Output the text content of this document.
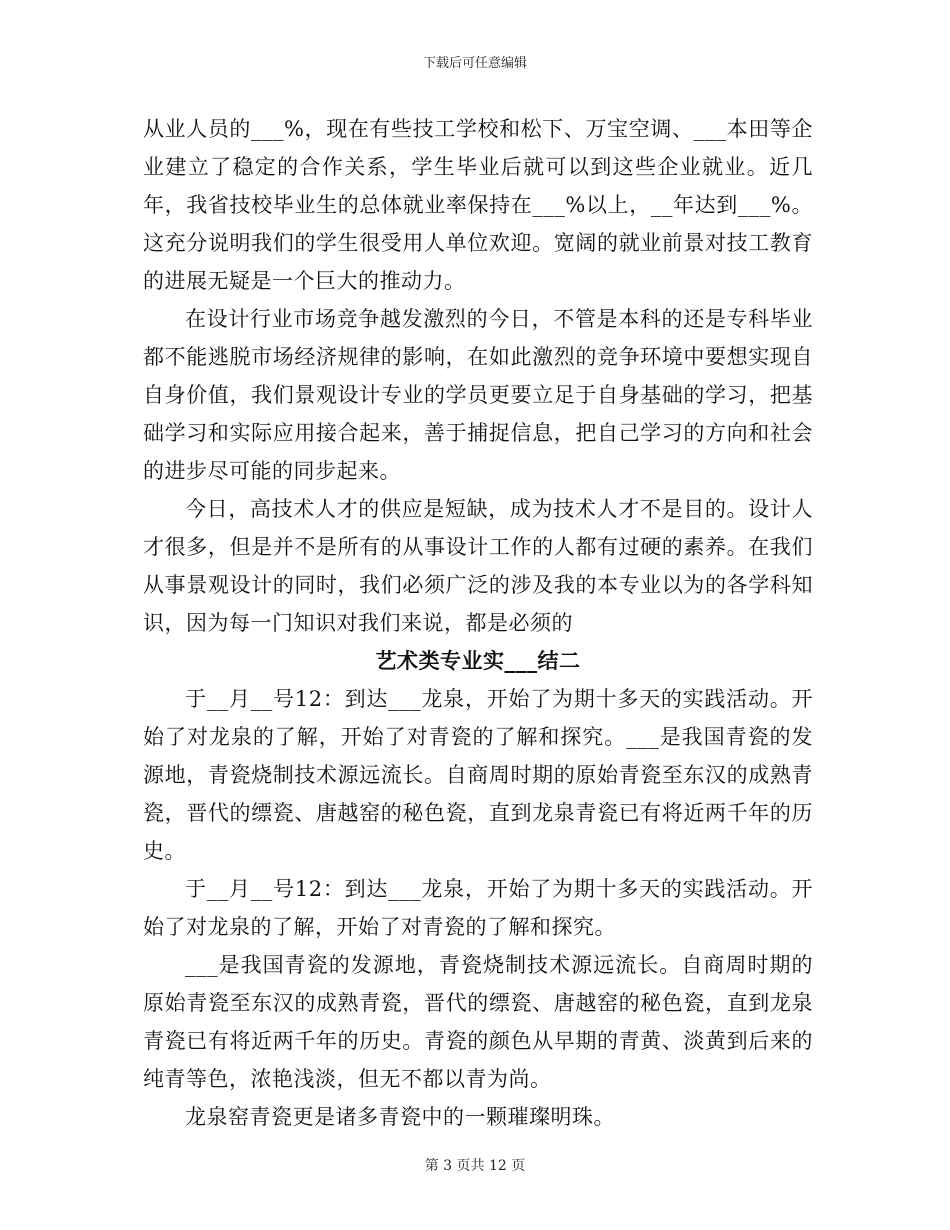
下载后可任意编辑

从业人员的___%，现在有些技工学校和松下、万宝空调、___本田等企业建立了稳定的合作关系，学生毕业后就可以到这些企业就业。近几年，我省技校毕业生的总体就业率保持在___%以上，__年达到___%。这充分说明我们的学生很受用人单位欢迎。宽阔的就业前景对技工教育的进展无疑是一个巨大的推动力。

在设计行业市场竞争越发激烈的今日，不管是本科的还是专科毕业都不能逃脱市场经济规律的影响，在如此激烈的竞争环境中要想实现自自身价值，我们景观设计专业的学员更要立足于自身基础的学习，把基础学习和实际应用接合起来，善于捕捉信息，把自己学习的方向和社会的进步尽可能的同步起来。

今日，高技术人才的供应是短缺，成为技术人才不是目的。设计人才很多，但是并不是所有的从事设计工作的人都有过硬的素养。在我们从事景观设计的同时，我们必须广泛的涉及我的本专业以为的各学科知识，因为每一门知识对我们来说，都是必须的

艺术类专业实___结二

于__月__号12：到达___龙泉，开始了为期十多天的实践活动。开始了对龙泉的了解，开始了对青瓷的了解和探究。___是我国青瓷的发源地，青瓷烧制技术源远流长。自商周时期的原始青瓷至东汉的成熟青瓷，晋代的缥瓷、唐越窑的秘色瓷，直到龙泉青瓷已有将近两千年的历史。

于__月__号12：到达___龙泉，开始了为期十多天的实践活动。开始了对龙泉的了解，开始了对青瓷的了解和探究。

___是我国青瓷的发源地，青瓷烧制技术源远流长。自商周时期的原始青瓷至东汉的成熟青瓷，晋代的缥瓷、唐越窑的秘色瓷，直到龙泉青瓷已有将近两千年的历史。青瓷的颜色从早期的青黄、淡黄到后来的纯青等色，浓艳浅淡，但无不都以青为尚。

龙泉窑青瓷更是诸多青瓷中的一颗璀璨明珠。

第 3 页共 12 页
